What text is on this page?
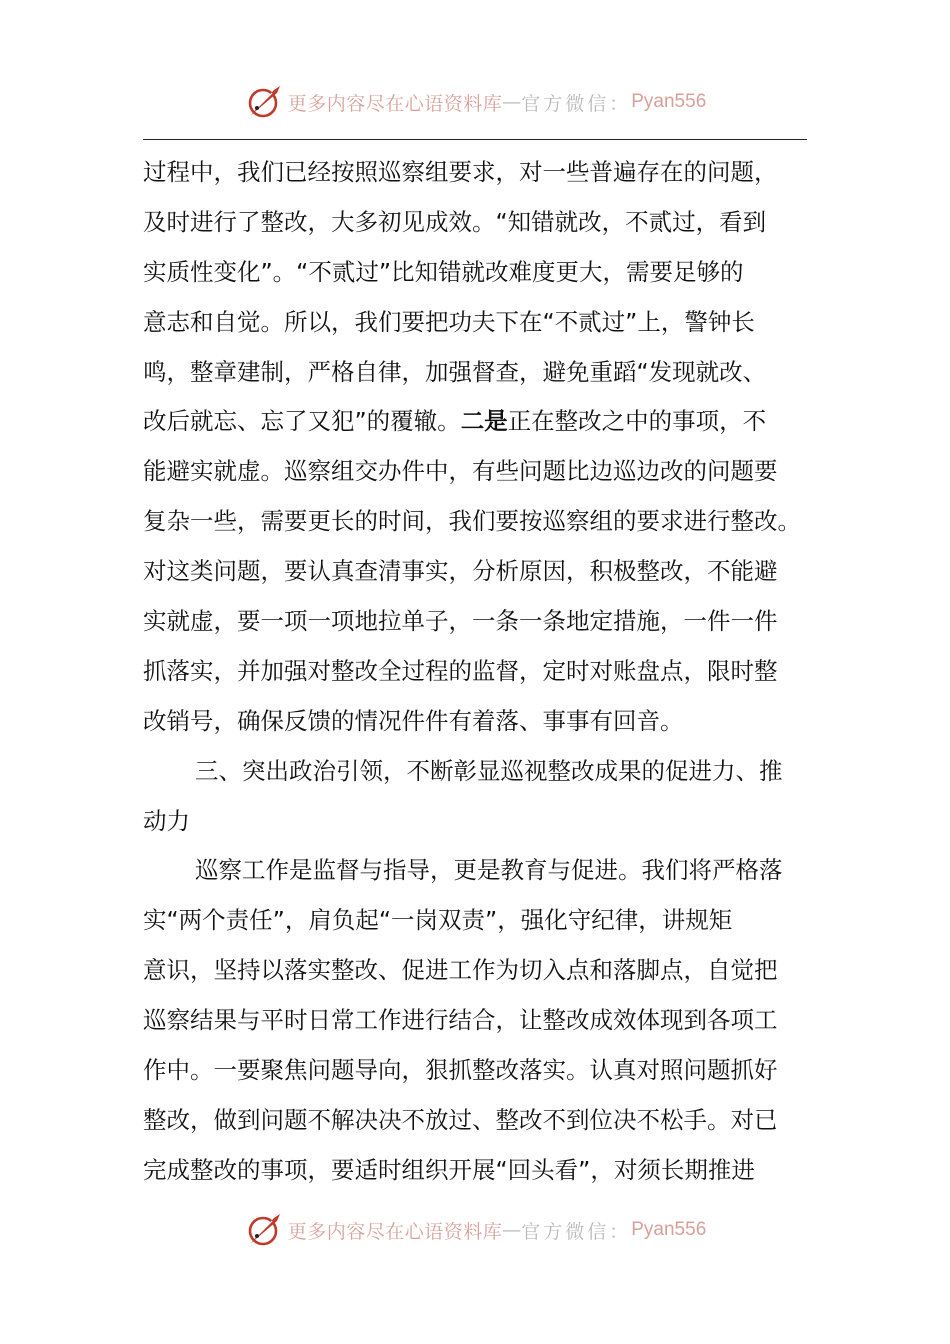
更多内容尽在心语资料库 — 官方微信： Pyan556
过程中，我们已经按照巡察组要求，对一些普遍存在的问题，
及时进行了整改，大多初见成效。“知错就改，不贰过，看到
实质性变化”。“不贰过”比知错就改难度更大，需要足够的
意志和自觉。所以，我们要把功夫下在“不贰过”上，警钟长
鸣，整章建制，严格自律，加强督查，避免重蹈“发现就改、
改后就忘、忘了又犯”的覆辙。二是正在整改之中的事项，不
能避实就虚。巡察组交办件中，有些问题比边巡边改的问题要
复杂一些，需要更长的时间，我们要按巡察组的要求进行整改。
对这类问题，要认真查清事实，分析原因，积极整改，不能避
实就虚，要一项一项地拉单子，一条一条地定措施，一件一件
抓落实，并加强对整改全过程的监督，定时对账盘点，限时整
改销号，确保反馈的情况件件有着落、事事有回音。
三、突出政治引领，不断彰显巡视整改成果的促进力、推
动力
巡察工作是监督与指导，更是教育与促进。我们将严格落
实“两个责任”，肩负起“一岗双责”，强化守纪律，讲规矩
意识，坚持以落实整改、促进工作为切入点和落脚点，自觉把
巡察结果与平时日常工作进行结合，让整改成效体现到各项工
作中。一要聚焦问题导向，狠抓整改落实。认真对照问题抓好
整改，做到问题不解决决不放过、整改不到位决不松手。对已
完成整改的事项，要适时组织开展“回头看”，对须长期推进
更多内容尽在心语资料库 — 官方微信： Pyan556
